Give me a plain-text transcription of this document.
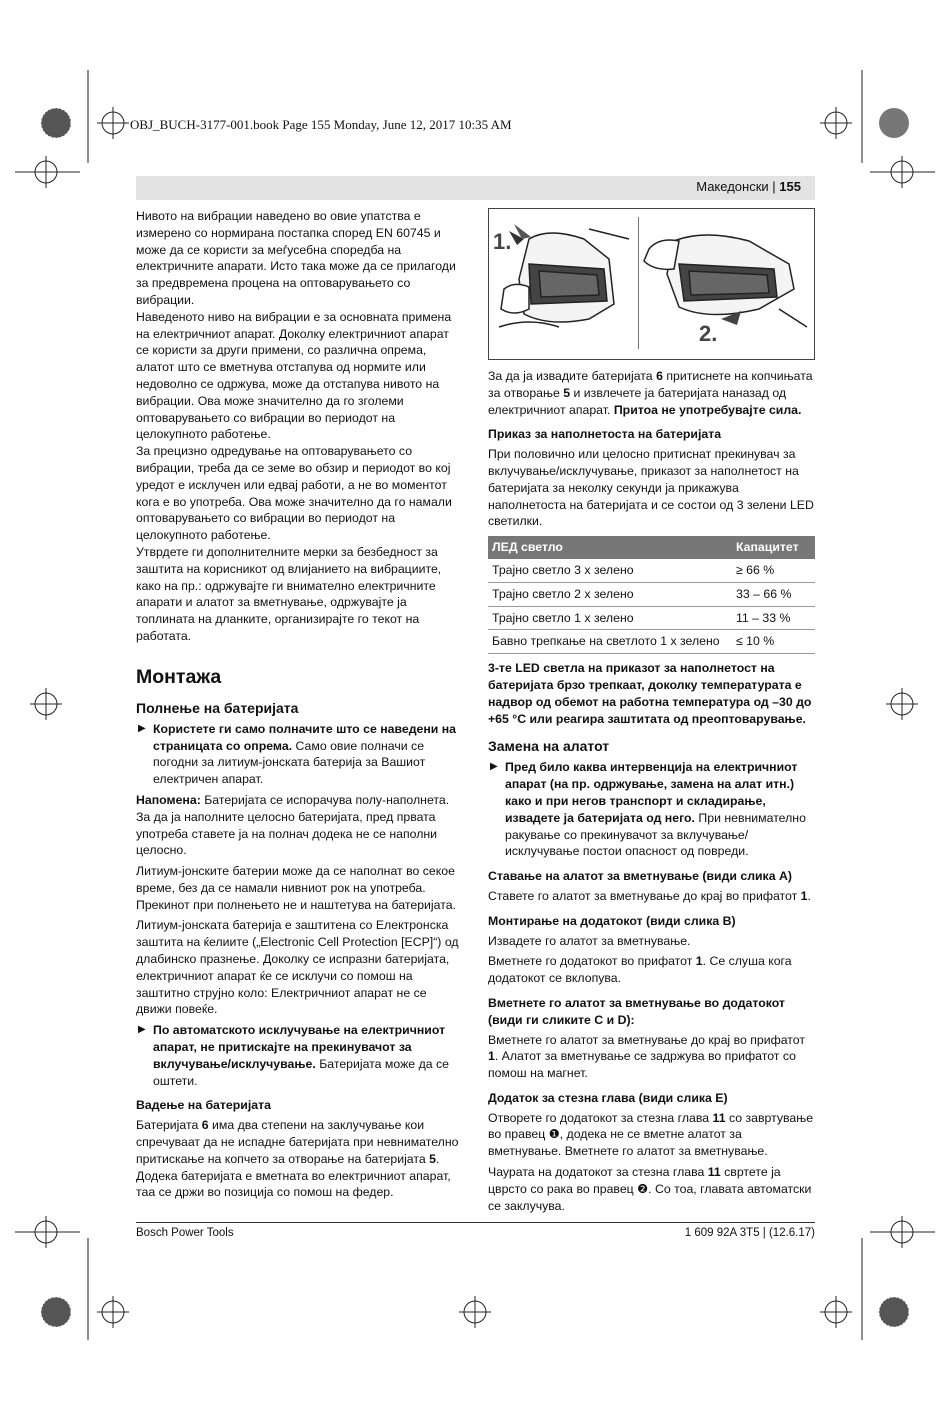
OBJ_BUCH-3177-001.book Page 155 Monday, June 12, 2017 10:35 AM
Македонски | 155

Нивото на вибрации наведено во овие упатства е измерено со нормирана постапка според EN 60745 и може да се користи за меѓусебна споредба на електричните апарати. Исто така може да се прилагоди за предвремена процена на оптоварувањето со вибрации.

Наведеното ниво на вибрации е за основната примена на електричниот апарат. Доколку електричниот апарат се користи за други примени, со различна опрема, алатот што се вметнува отстапува од нормите или недоволно се одржува, може да отстапува нивото на вибрации. Ова може значително да го зголеми оптоварувањето со вибрации во периодот на целокупното работење.

За прецизно одредување на оптоварувањето со вибрации, треба да се земе во обзир и периодот во кој уредот е исклучен или едвај работи, а не во моментот кога е во употреба. Ова може значително да го намали оптоварувањето со вибрации во периодот на целокупното работење.

Утврдете ги дополнителните мерки за безбедност за заштита на корисникот од влијанието на вибрациите, како на пр.: одржувајте ги внимателно електричните апарати и алатот за вметнување, одржувајте ја топлината на дланките, организирајте го текот на работата.

Монтажа
Полнење на батеријата
▶ Користете ги само полначите што се наведени на страницата со опрема. Само овие полначи се погодни за литиум-јонската батерија за Вашиот електричен апарат.

Напомена: Батеријата се испорачува полу-наполнета. За да ја наполните целосно батеријата, пред првата употреба ставете ја на полнач додека не се наполни целосно.

Литиум-јонските батерии може да се наполнат во секое време, без да се намали нивниот рок на употреба. Прекинот при полнењето не и наштетува на батеријата.

Литиум-јонската батерија е заштитена со Електронска заштита на ќелиите („Electronic Cell Protection [ECP]“) од длабинско празнење. Доколку се испразни батеријата, електричниот апарат ќе се исклучи со помош на заштитно струјно коло: Електричниот апарат не се движи повеќе.

▶ По автоматското исклучување на електричниот апарат, не притискајте на прекинувачот за вклучување/исклучување. Батеријата може да се оштети.
Вадење на батеријата

Батеријата 6 има два степени на заклучување кои спречуваат да не испадне батеријата при невнимателно притискање на копчето за отворање на батеријата 5. Додека батеријата е вметната во електричниот апарат, таа се држи во позиција со помош на федер.

1.
2.

За да ја извадите батеријата 6 притиснете на копчињата за отворање 5 и извлечете ја батеријата наназад од електричниот апарат. Притоа не употребувајте сила.

Приказ за наполнетоста на батеријата

При половично или целосно притиснат прекинувач за вклучување/исклучување, приказот за наполнетост на батеријата за неколку секунди ја прикажува наполнетоста на батеријата и се состои од 3 зелени LED светилки.

ЛЕД светло	Капацитет
Трајно светло 3 x зелено	≥ 66 %
Трајно светло 2 x зелено	33 – 66 %
Трајно светло 1 x зелено	11 – 33 %
Бавно трепкање на светлото 1 x зелено	≤ 10 %

3-те LED светла на приказот за наполнетост на батеријата брзо трепкаат, доколку температурата е надвор од обемот на работна температура од –30 до +65 °C или реагира заштитата од преоптоварување.

Замена на алатот
▶ Пред било каква интервенција на електричниот апарат (на пр. одржување, замена на алат итн.) како и при негов транспорт и складирање, извадете ја батеријата од него. При невнимателно ракување со прекинувачот за вклучување/исклучување постои опасност од повреди.
Ставање на алатот за вметнување (види слика A)

Ставете го алатот за вметнување до крај во прифатот 1.

Монтирање на додатокот (види слика B)

Извадете го алатот за вметнување.

Вметнете го додатокот во прифатот 1. Се слуша кога додатокот се вклопува.

Вметнете го алатот за вметнување во додатокот (види ги сликите C и D):

Вметнете го алатот за вметнување до крај во прифатот 1. Алатот за вметнување се задржува во прифатот со помош на магнет.

Додаток за стезна глава (види слика E)

Отворете го додатокот за стезна глава 11 со завртување во правец ❶, додека не се вметне алатот за вметнување. Вметнете го алатот за вметнување.

Чаурата на додатокот за стезна глава 11 свртете ја цврсто со рака во правец ❷. Со тоа, главата автоматски се заклучува.

Bosch Power Tools	1 609 92A 3T5 | (12.6.17)
